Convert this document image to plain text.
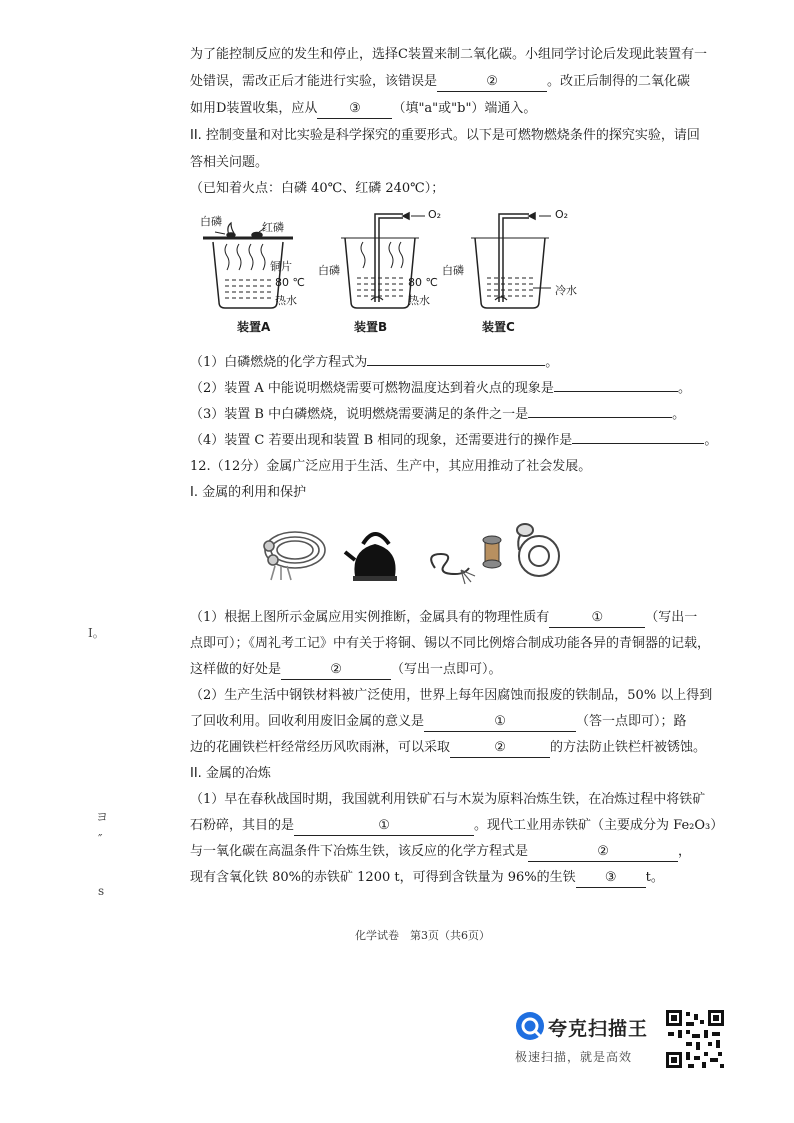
为了能控制反应的发生和停止，选择C装置来制二氧化碳。小组同学讨论后发现此装置有一
处错误，需改正后才能进行实验，该错误是	②	。改正后制得的二氧化碳
如用D装置收集，应从 ③ （填"a"或"b"）端通入。
II. 控制变量和对比实验是科学探究的重要形式。以下是可燃物燃烧条件的探究实验，请回
答相关问题。
（已知着火点：白磷 40℃、红磷 240℃）；
白磷	红磷
铜片
80 ℃
热水
装置A
O₂
白磷
80 ℃
热水
装置B
O₂
白磷
冷水
装置C
（1）白磷燃烧的化学方程式为	。
（2）装置 A 中能说明燃烧需要可燃物温度达到着火点的现象是	。
（3）装置 B 中白磷燃烧，说明燃烧需要满足的条件之一是	。
（4）装置 C 若要出现和装置 B 相同的现象，还需要进行的操作是	。
12.（12分）金属广泛应用于生活、生产中，其应用推动了社会发展。
I. 金属的利用和保护
（1）根据上图所示金属应用实例推断，金属具有的物理性质有	①	（写出一
点即可）；《周礼考工记》中有关于将铜、锡以不同比例熔合制成功能各异的青铜器的记载，
这样做的好处是	②	（写出一点即可）。
（2）生产生活中钢铁材料被广泛使用，世界上每年因腐蚀而报废的铁制品，50% 以上得到
了回收利用。回收利用废旧金属的意义是	①	（答一点即可）；路
边的花圃铁栏杆经常经历风吹雨淋，可以采取	②	的方法防止铁栏杆被锈蚀。
II. 金属的冶炼
（1）早在春秋战国时期，我国就利用铁矿石与木炭为原料冶炼生铁，在冶炼过程中将铁矿
石粉碎，其目的是	①	。现代工业用赤铁矿（主要成分为 Fe₂O₃）
与一氧化碳在高温条件下冶炼生铁，该反应的化学方程式是	②	，
现有含氧化铁 80%的赤铁矿 1200 t，可得到含铁量为 96%的生铁 ③ t。
I。
ヨ
″
s
化学试卷　第3页（共6页）
夸克扫描王
极速扫描，就是高效
